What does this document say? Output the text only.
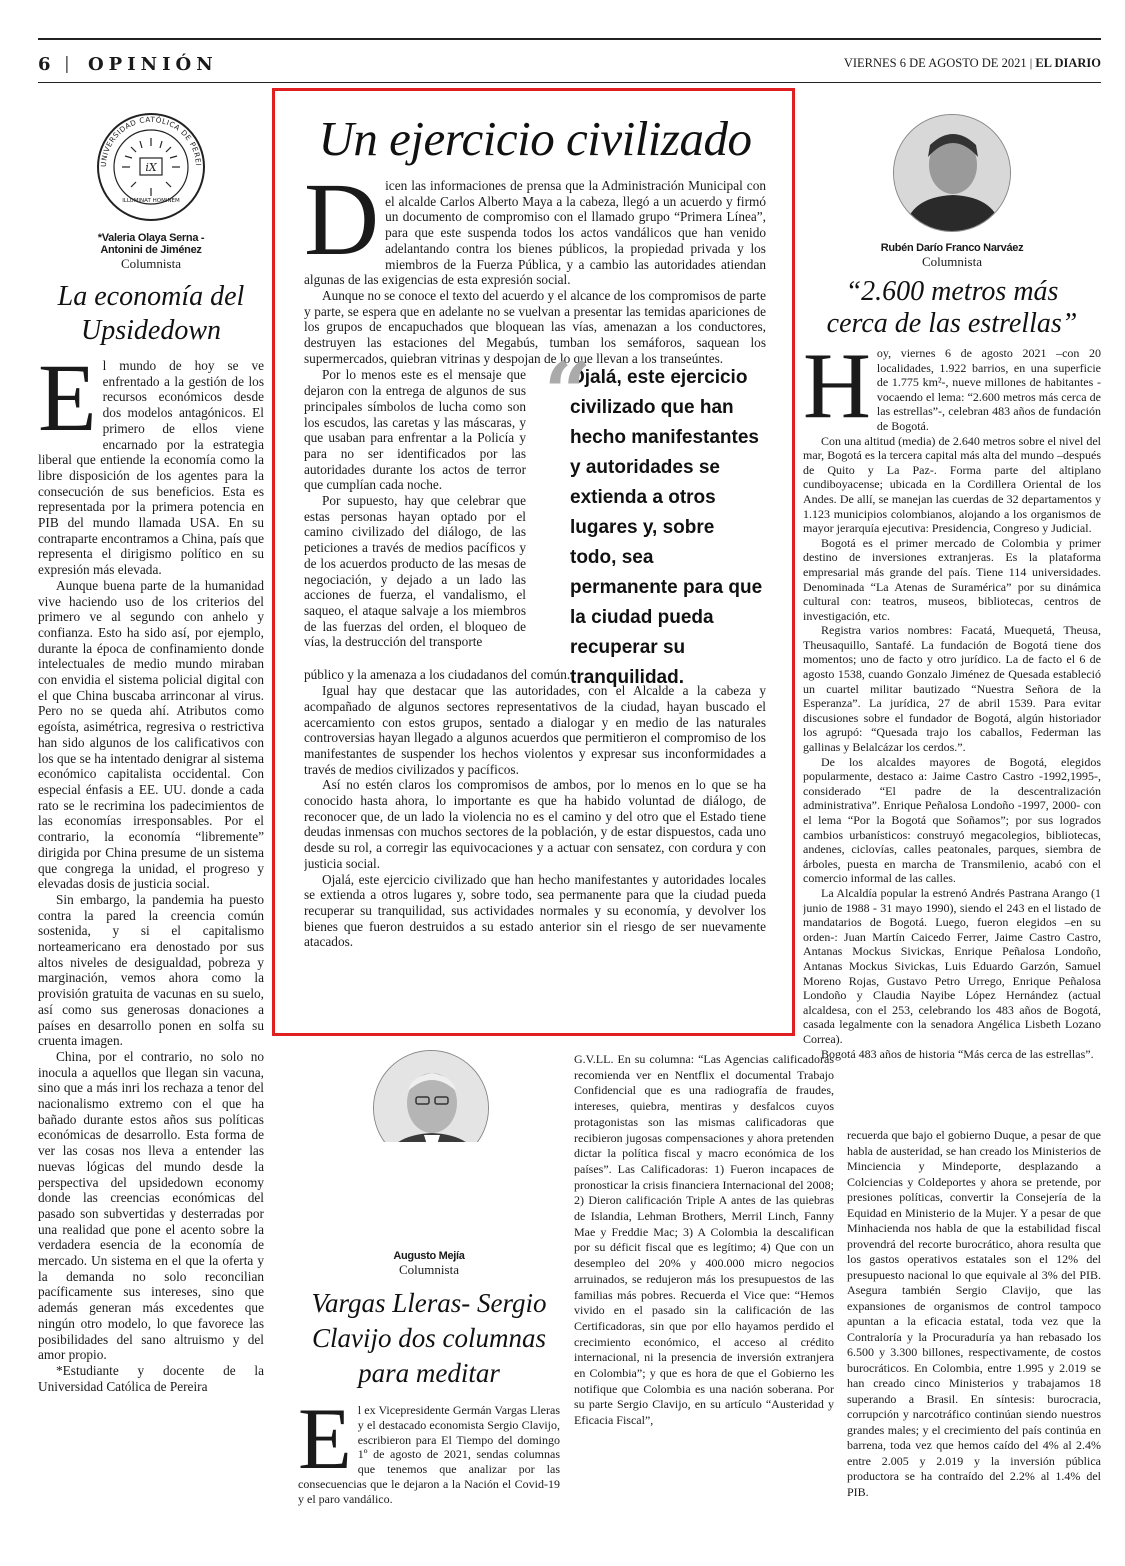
6 | OPINIÓN	VIERNES 6 DE AGOSTO DE 2021 | EL DIARIO
UNIVERSIDAD CATÓLICA DE PEREI
iX
ILLUMINAT HOMINEM
*Valeria Olaya Serna -
Antonini de Jiménez
Columnista
La economía del
Upsidedown
E l mundo de hoy se ve enfrentado a la gestión de los recursos económicos desde dos modelos antagónicos. El primero de ellos viene encarnado por la estrategia liberal que entiende la economía como la libre disposición de los agentes para la consecución de sus beneficios. Esta es representada por la primera potencia en PIB del mundo llamada USA. En su contraparte encontramos a China, país que representa el dirigismo político en su expresión más elevada.

Aunque buena parte de la humanidad vive haciendo uso de los criterios del primero ve al segundo con anhelo y confianza. Esto ha sido así, por ejemplo, durante la época de confinamiento donde intelectuales de medio mundo miraban con envidia el sistema policial digital con el que China buscaba arrinconar al virus. Pero no se queda ahí. Atributos como egoísta, asimétrica, regresiva o restrictiva han sido algunos de los calificativos con los que se ha intentado denigrar al sistema económico capitalista occidental. Con especial énfasis a EE. UU. donde a cada rato se le recrimina los padecimientos de las economías irresponsables. Por el contrario, la economía “libremente” dirigida por China presume de un sistema que congrega la unidad, el progreso y elevadas dosis de justicia social.

Sin embargo, la pandemia ha puesto contra la pared la creencia común sostenida, y si el capitalismo norteamericano era denostado por sus altos niveles de desigualdad, pobreza y marginación, vemos ahora como la provisión gratuita de vacunas en su suelo, así como sus generosas donaciones a países en desarrollo ponen en solfa su cruenta imagen.

China, por el contrario, no solo no inocula a aquellos que llegan sin vacuna, sino que a más inri los rechaza a tenor del nacionalismo extremo con el que ha bañado durante estos años sus políticas económicas de desarrollo. Esta forma de ver las cosas nos lleva a entender las nuevas lógicas del mundo desde la perspectiva del upsidedown economy donde las creencias económicas del pasado son subvertidas y desterradas por una realidad que pone el acento sobre la verdadera esencia de la economía de mercado. Un sistema en el que la oferta y la demanda no solo reconcilian pacíficamente sus intereses, sino que además generan más excedentes que ningún otro modelo, lo que favorece las posibilidades del sano altruismo y del amor propio.

*Estudiante y docente de la Universidad Católica de Pereira

Un ejercicio civilizado
D icen las informaciones de prensa que la Administración Municipal con el alcalde Carlos Alberto Maya a la cabeza, llegó a un acuerdo y firmó un documento de compromiso con el llamado grupo “Primera Línea”, para que este suspenda todos los actos vandálicos que han venido adelantando contra los bienes públicos, la propiedad privada y los miembros de la Fuerza Pública, y a cambio las autoridades atiendan algunas de las exigencias de esta expresión social.

Aunque no se conoce el texto del acuerdo y el alcance de los compromisos de parte y parte, se espera que en adelante no se vuelvan a presentar las temidas apariciones de los grupos de encapuchados que bloquean las vías, amenazan a los conductores, destruyen las estaciones del Megabús, tumban los semáforos, saquean los supermercados, quiebran vitrinas y despojan de lo que llevan a los transeúntes.

Por lo menos este es el mensaje que dejaron con la entrega de algunos de sus principales símbolos de lucha como son los escudos, las caretas y las máscaras, y que usaban para enfrentar a la Policía y para no ser identificados por las autoridades durante los actos de terror que cumplían cada noche.

Por supuesto, hay que celebrar que estas personas hayan optado por el camino civilizado del diálogo, de las peticiones a través de medios pacíficos y de los acuerdos producto de las mesas de negociación, y dejado a un lado las acciones de fuerza, el vandalismo, el saqueo, el ataque salvaje a los miembros de las fuerzas del orden, el bloqueo de vías, la destrucción del transporte

“
Ojalá, este ejercicio civilizado que han hecho manifestantes y autoridades se extienda a otros lugares y, sobre todo, sea permanente para que la ciudad pueda recuperar su tranquilidad.

público y la amenaza a los ciudadanos del común.

Igual hay que destacar que las autoridades, con el Alcalde a la cabeza y acompañado de algunos sectores representativos de la ciudad, hayan buscado el acercamiento con estos grupos, sentado a dialogar y en medio de las naturales controversias hayan llegado a algunos acuerdos que permitieron el compromiso de los manifestantes de suspender los hechos violentos y expresar sus inconformidades a través de medios civilizados y pacíficos.

Así no estén claros los compromisos de ambos, por lo menos en lo que se ha conocido hasta ahora, lo importante es que ha habido voluntad de diálogo, de reconocer que, de un lado la violencia no es el camino y del otro que el Estado tiene deudas inmensas con muchos sectores de la población, y de estar dispuestos, cada uno desde su rol, a corregir las equivocaciones y a actuar con sensatez, con cordura y con justicia social.

Ojalá, este ejercicio civilizado que han hecho manifestantes y autoridades locales se extienda a otros lugares y, sobre todo, sea permanente para que la ciudad pueda recuperar su tranquilidad, sus actividades normales y su economía, y devolver los bienes que fueron destruidos a su estado anterior sin el riesgo de ser nuevamente atacados.

Rubén Darío Franco Narváez
Columnista
“2.600 metros más
cerca de las estrellas”
H oy, viernes 6 de agosto 2021 –con 20 localidades, 1.922 barrios, en una superficie de 1.775 km²-, nueve millones de habitantes -vocaendo el lema: “2.600 metros más cerca de las estrellas”-, celebran 483 años de fundación de Bogotá.

Con una altitud (media) de 2.640 metros sobre el nivel del mar, Bogotá es la tercera capital más alta del mundo –después de Quito y La Paz-. Forma parte del altiplano cundiboyacense; ubicada en la Cordillera Oriental de los Andes. De allí, se manejan las cuerdas de 32 departamentos y 1.123 municipios colombianos, alojando a los organismos de mayor jerarquía ejecutiva: Presidencia, Congreso y Judicial.

Bogotá es el primer mercado de Colombia y primer destino de inversiones extranjeras. Es la plataforma empresarial más grande del país. Tiene 114 universidades. Denominada “La Atenas de Suramérica” por su dinámica cultural con: teatros, museos, bibliotecas, centros de investigación, etc.

Registra varios nombres: Facatá, Muequetá, Theusa, Theusaquillo, Santafé. La fundación de Bogotá tiene dos momentos; uno de facto y otro jurídico. La de facto el 6 de agosto 1538, cuando Gonzalo Jiménez de Quesada estableció un cuartel militar bautizado “Nuestra Señora de la Esperanza”. La jurídica, 27 de abril 1539. Para evitar discusiones sobre el fundador de Bogotá, algún historiador los agrupó: “Quesada trajo los caballos, Federman las gallinas y Belalcázar los cerdos.”.

De los alcaldes mayores de Bogotá, elegidos popularmente, destaco a: Jaime Castro Castro -1992,1995-, considerado “El padre de la descentralización administrativa”. Enrique Peñalosa Londoño -1997, 2000- con el lema “Por la Bogotá que Soñamos”; por sus logrados cambios urbanísticos: construyó megacolegios, bibliotecas, andenes, ciclovías, calles peatonales, parques, siembra de árboles, puesta en marcha de Transmilenio, acabó con el comercio informal de las calles.

La Alcaldía popular la estrenó Andrés Pastrana Arango (1 junio de 1988 - 31 mayo 1990), siendo el 243 en el listado de mandatarios de Bogotá. Luego, fueron elegidos –en su orden-: Juan Martín Caicedo Ferrer, Jaime Castro Castro, Antanas Mockus Sivickas, Enrique Peñalosa Londoño, Antanas Mockus Sivickas, Luis Eduardo Garzón, Samuel Moreno Rojas, Gustavo Petro Urrego, Enrique Peñalosa Londoño y Claudia Nayibe López Hernández (actual alcaldesa, con el 253, celebrando los 483 años de Bogotá, casada legalmente con la senadora Angélica Lisbeth Lozano Correa).

Bogotá 483 años de historia “Más cerca de las estrellas”.

Augusto Mejía
Columnista
Vargas Lleras- Sergio
Clavijo dos columnas
para meditar
E l ex Vicepresidente Germán Vargas Lleras y el destacado economista Sergio Clavijo, escribieron para El Tiempo del domingo 1º de agosto de 2021, sendas columnas que tenemos que analizar por las consecuencias que le dejaron a la Nación el Covid-19 y el paro vandálico.

G.V.LL. En su columna: “Las Agencias calificadoras recomienda ver en Nentflix el documental Trabajo Confidencial que es una radiografía de fraudes, intereses, quiebra, mentiras y desfalcos cuyos protagonistas son las mismas calificadoras que recibieron jugosas compensaciones y ahora pretenden dictar la política fiscal y macro económica de los países”. Las Calificadoras: 1) Fueron incapaces de pronosticar la crisis financiera Internacional del 2008; 2) Dieron calificación Triple A antes de las quiebras de Islandia, Lehman Brothers, Merril Linch, Fanny Mae y Freddie Mac; 3) A Colombia la descalifican por su déficit fiscal que es legítimo; 4) Que con un desempleo del 20% y 400.000 micro negocios arruinados, se redujeron más los presupuestos de las familias más pobres. Recuerda el Vice que: “Hemos vivido en el pasado sin la calificación de las Certificadoras, sin que por ello hayamos perdido el crecimiento económico, el acceso al crédito internacional, ni la presencia de inversión extranjera en Colombia”; y que es hora de que el Gobierno les notifique que Colombia es una nación soberana. Por su parte Sergio Clavijo, en su artículo “Austeridad y Eficacia Fiscal”,

recuerda que bajo el gobierno Duque, a pesar de que habla de austeridad, se han creado los Ministerios de Minciencia y Mindeporte, desplazando a Colciencias y Coldeportes y ahora se pretende, por presiones políticas, convertir la Consejería de la Equidad en Ministerio de la Mujer. Y a pesar de que Minhacienda nos habla de que la estabilidad fiscal provendrá del recorte burocrático, ahora resulta que los gastos operativos estatales son el 12% del presupuesto nacional lo que equivale al 3% del PIB. Asegura también Sergio Clavijo, que las expansiones de organismos de control tampoco apuntan a la eficacia estatal, toda vez que la Contraloría y la Procuraduría ya han rebasado los 6.500 y 3.300 billones, respectivamente, de costos burocráticos. En Colombia, entre 1.995 y 2.019 se han creado cinco Ministerios y trabajamos 18 superando a Brasil. En síntesis: burocracia, corrupción y narcotráfico continúan siendo nuestros grandes males; y el crecimiento del país continúa en barrena, toda vez que hemos caído del 4% al 2.4% entre 2.005 y 2.019 y la inversión pública productora se ha contraído del 2.2% al 1.4% del PIB.
